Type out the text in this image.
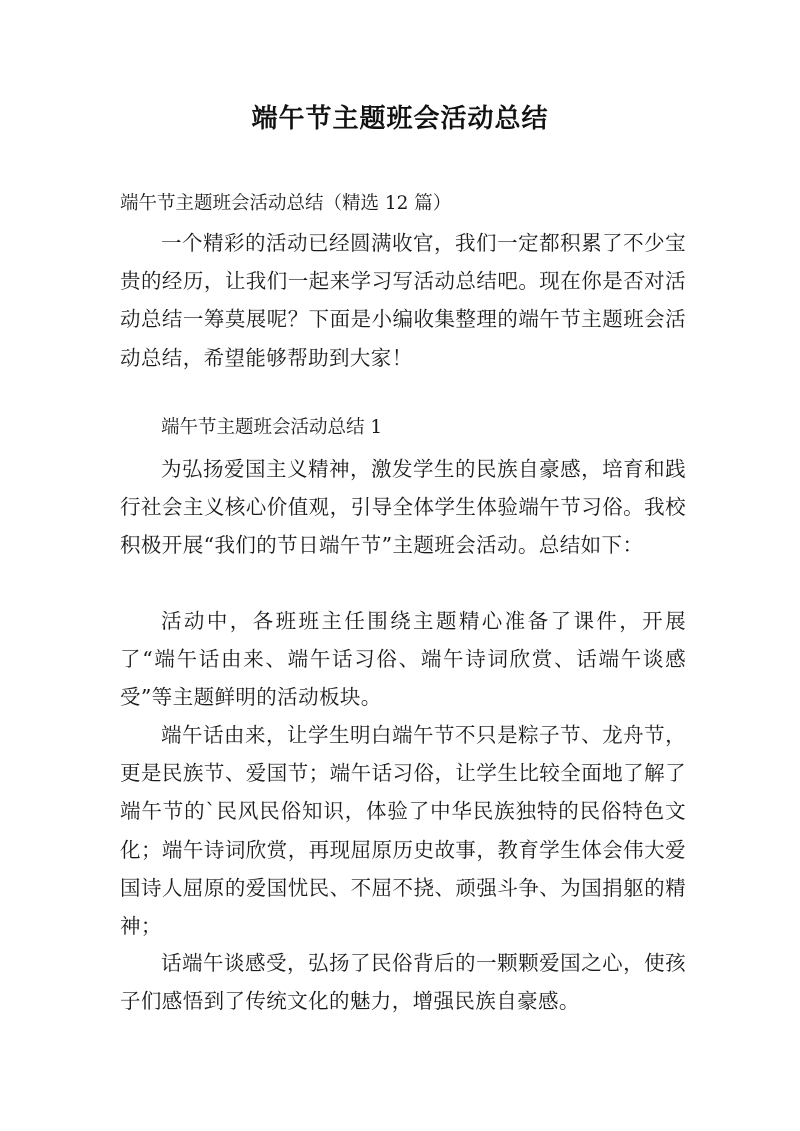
端午节主题班会活动总结
端午节主题班会活动总结（精选 12 篇）
一个精彩的活动已经圆满收官，我们一定都积累了不少宝贵的经历，让我们一起来学习写活动总结吧。现在你是否对活动总结一筹莫展呢？下面是小编收集整理的端午节主题班会活动总结，希望能够帮助到大家！
端午节主题班会活动总结 1
为弘扬爱国主义精神，激发学生的民族自豪感，培育和践行社会主义核心价值观，引导全体学生体验端午节习俗。我校积极开展“我们的节日端午节”主题班会活动。总结如下：
活动中，各班班主任围绕主题精心准备了课件，开展了“端午话由来、端午话习俗、端午诗词欣赏、话端午谈感受”等主题鲜明的活动板块。
端午话由来，让学生明白端午节不只是粽子节、龙舟节，更是民族节、爱国节；端午话习俗，让学生比较全面地了解了端午节的`民风民俗知识，体验了中华民族独特的民俗特色文化；端午诗词欣赏，再现屈原历史故事，教育学生体会伟大爱国诗人屈原的爱国忧民、不屈不挠、顽强斗争、为国捐躯的精神；
话端午谈感受，弘扬了民俗背后的一颗颗爱国之心，使孩子们感悟到了传统文化的魅力，增强民族自豪感。
